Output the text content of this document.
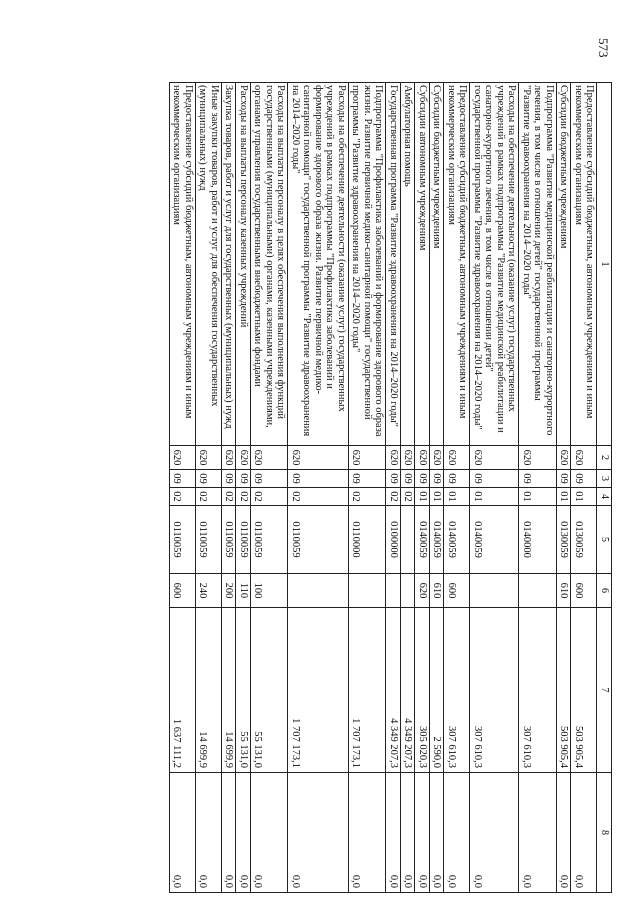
573
1	2	3	4	5	6	7	8
Предоставление субсидий бюджетным, автономным учреждениям и иным некоммерческим организациям	620	09	01	0130059	600	503 905,4	0,0
Субсидии бюджетным учреждениям	620	09	01	0130059	610	503 905,4	0,0
Подпрограмма "Развитие медицинской реабилитации и санаторно-курортного лечения, в том числе в отношении детей" государственной программы "Развитие здравоохранения на 2014–2020 годы"	620	09	01	0140000		307 610,3	0,0
Расходы на обеспечение деятельности (оказание услуг) государственных учреждений в рамках подпрограммы "Развитие медицинской реабилитации и санаторно-курортного лечения, в том числе в отношении детей" государственной программы "Развитие здравоохранения на 2014–2020 годы"	620	09	01	0140059		307 610,3	0,0
Предоставление субсидий бюджетным, автономным учреждениям и иным некоммерческим организациям	620	09	01	0140059	600	307 610,3	0,0
Субсидии бюджетным учреждениям	620	09	01	0140059	610	2 590,0	0,0
Субсидии автономным учреждениям	620	09	01	0140059	620	305 020,3	0,0
Амбулаторная помощь	620	09	02			4 349 207,3	0,0
Государственная программа "Развитие здравоохранения на 2014–2020 годы"	620	09	02	0100000		4 349 207,3	0,0
Подпрограмма "Профилактика заболеваний и формирование здорового образа жизни. Развитие первичной медико-санитарной помощи" государственной программы "Развитие здравоохранения на 2014–2020 годы"	620	09	02	0110000		1 707 173,1	0,0
Расходы на обеспечение деятельности (оказание услуг) государственных учреждений в рамках подпрограммы "Профилактика заболеваний и формирование здорового образа жизни. Развитие первичной медико-санитарной помощи" государственной программы "Развитие здравоохранения на 2014–2020 годы"	620	09	02	0110059		1 707 173,1	0,0
Расходы на выплаты персоналу в целях обеспечения выполнения функций государственными (муниципальными) органами, казенными учреждениями, органами управления государственными внебюджетными фондами	620	09	02	0110059	100	55 131,0	0,0
Расходы на выплаты персоналу казенных учреждений	620	09	02	0110059	110	55 131,0	0,0
Закупка товаров, работ и услуг для государственных (муниципальных) нужд	620	09	02	0110059	200	14 699,9	0,0
Иные закупки товаров, работ и услуг для обеспечения государственных (муниципальных) нужд	620	09	02	0110059	240	14 699,9	0,0
Предоставление субсидий бюджетным, автономным учреждениям и иным некоммерческим организациям	620	09	02	0110059	600	1 637 111,2	0,0
